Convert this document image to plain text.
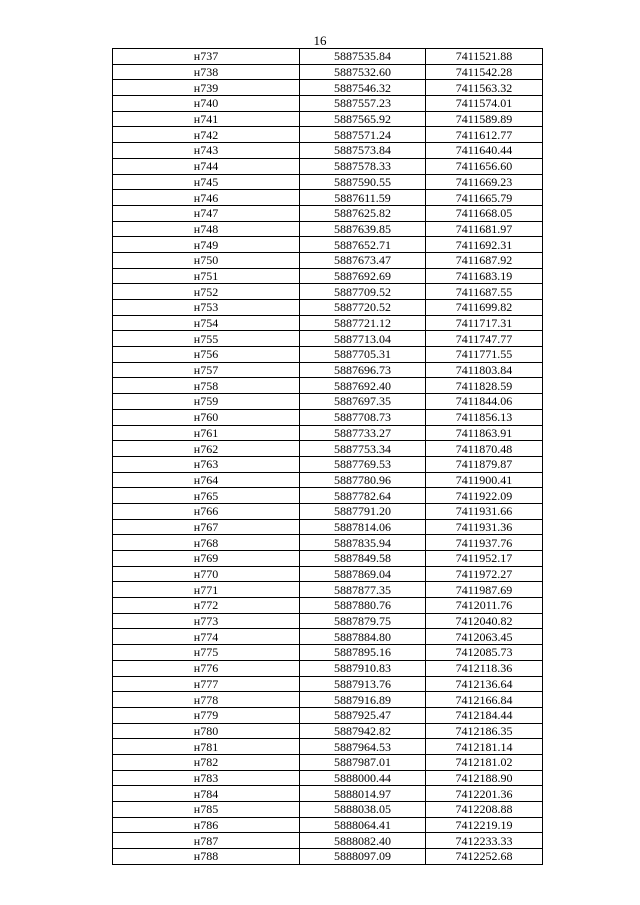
16
н737	5887535.84	7411521.88
н738	5887532.60	7411542.28
н739	5887546.32	7411563.32
н740	5887557.23	7411574.01
н741	5887565.92	7411589.89
н742	5887571.24	7411612.77
н743	5887573.84	7411640.44
н744	5887578.33	7411656.60
н745	5887590.55	7411669.23
н746	5887611.59	7411665.79
н747	5887625.82	7411668.05
н748	5887639.85	7411681.97
н749	5887652.71	7411692.31
н750	5887673.47	7411687.92
н751	5887692.69	7411683.19
н752	5887709.52	7411687.55
н753	5887720.52	7411699.82
н754	5887721.12	7411717.31
н755	5887713.04	7411747.77
н756	5887705.31	7411771.55
н757	5887696.73	7411803.84
н758	5887692.40	7411828.59
н759	5887697.35	7411844.06
н760	5887708.73	7411856.13
н761	5887733.27	7411863.91
н762	5887753.34	7411870.48
н763	5887769.53	7411879.87
н764	5887780.96	7411900.41
н765	5887782.64	7411922.09
н766	5887791.20	7411931.66
н767	5887814.06	7411931.36
н768	5887835.94	7411937.76
н769	5887849.58	7411952.17
н770	5887869.04	7411972.27
н771	5887877.35	7411987.69
н772	5887880.76	7412011.76
н773	5887879.75	7412040.82
н774	5887884.80	7412063.45
н775	5887895.16	7412085.73
н776	5887910.83	7412118.36
н777	5887913.76	7412136.64
н778	5887916.89	7412166.84
н779	5887925.47	7412184.44
н780	5887942.82	7412186.35
н781	5887964.53	7412181.14
н782	5887987.01	7412181.02
н783	5888000.44	7412188.90
н784	5888014.97	7412201.36
н785	5888038.05	7412208.88
н786	5888064.41	7412219.19
н787	5888082.40	7412233.33
н788	5888097.09	7412252.68
